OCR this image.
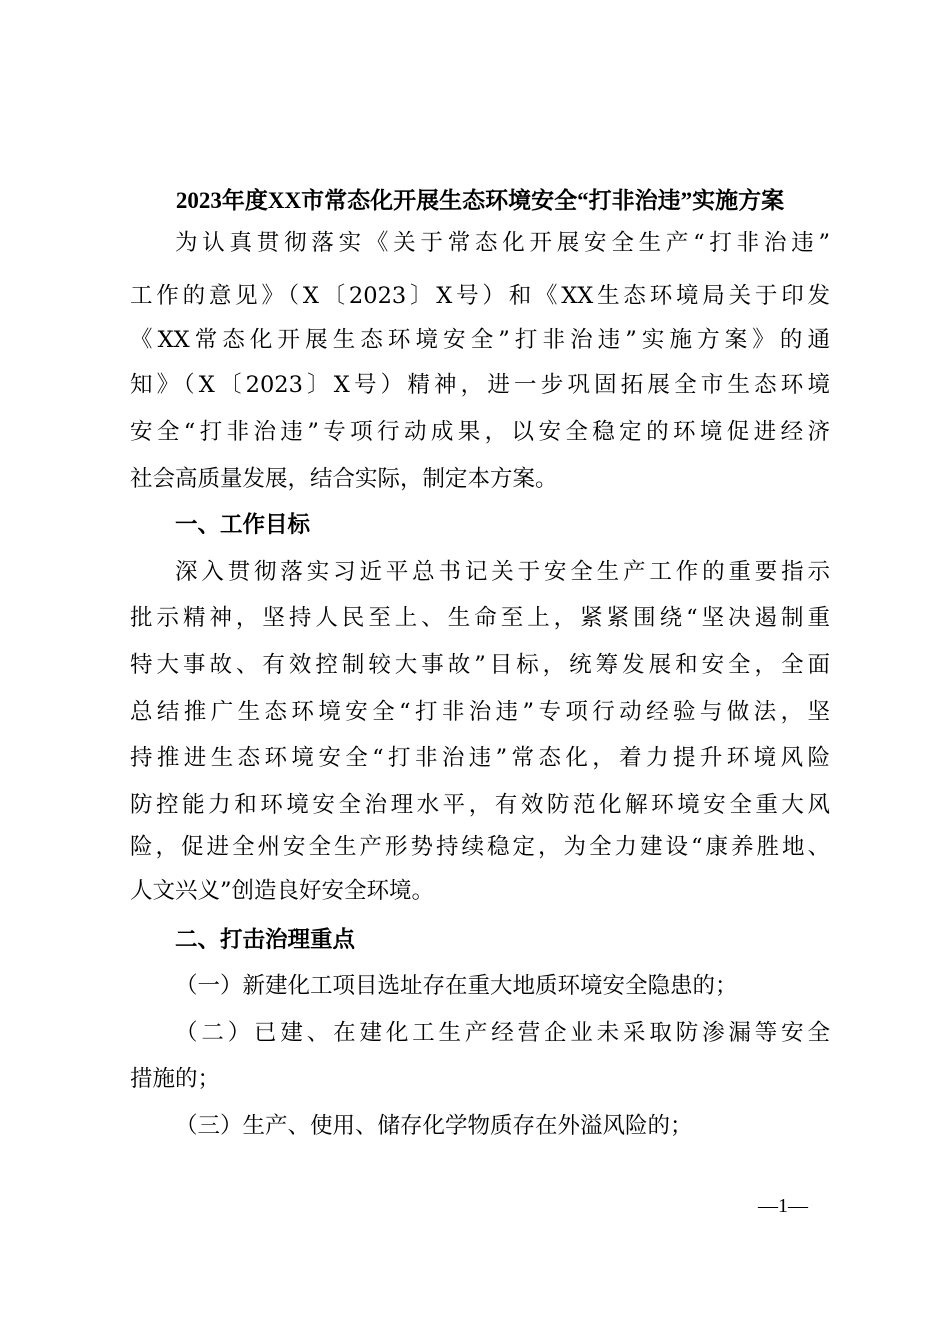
2023年度XX市常态化开展生态环境安全“打非治违”实施方案
为认真贯彻落实《关于常态化开展安全生产“打非治违”
工作的意见》（X〔2023〕X号）和《XX生态环境局关于印发
《XX常态化开展生态环境安全”打非治违”实施方案》的通
知》（X〔2023〕X号）精神，进一步巩固拓展全市生态环境
安全“打非治违”专项行动成果，以安全稳定的环境促进经济
社会高质量发展，结合实际，制定本方案。
一、工作目标
深入贯彻落实习近平总书记关于安全生产工作的重要指示
批示精神，坚持人民至上、生命至上，紧紧围绕“坚决遏制重
特大事故、有效控制较大事故”目标，统筹发展和安全，全面
总结推广生态环境安全“打非治违”专项行动经验与做法，坚
持推进生态环境安全“打非治违”常态化，着力提升环境风险
防控能力和环境安全治理水平，有效防范化解环境安全重大风
险，促进全州安全生产形势持续稳定，为全力建设“康养胜地、
人文兴义”创造良好安全环境。
二、打击治理重点
（一）新建化工项目选址存在重大地质环境安全隐患的；
（二）已建、在建化工生产经营企业未采取防渗漏等安全
措施的；
（三）生产、使用、储存化学物质存在外溢风险的；
—1—
